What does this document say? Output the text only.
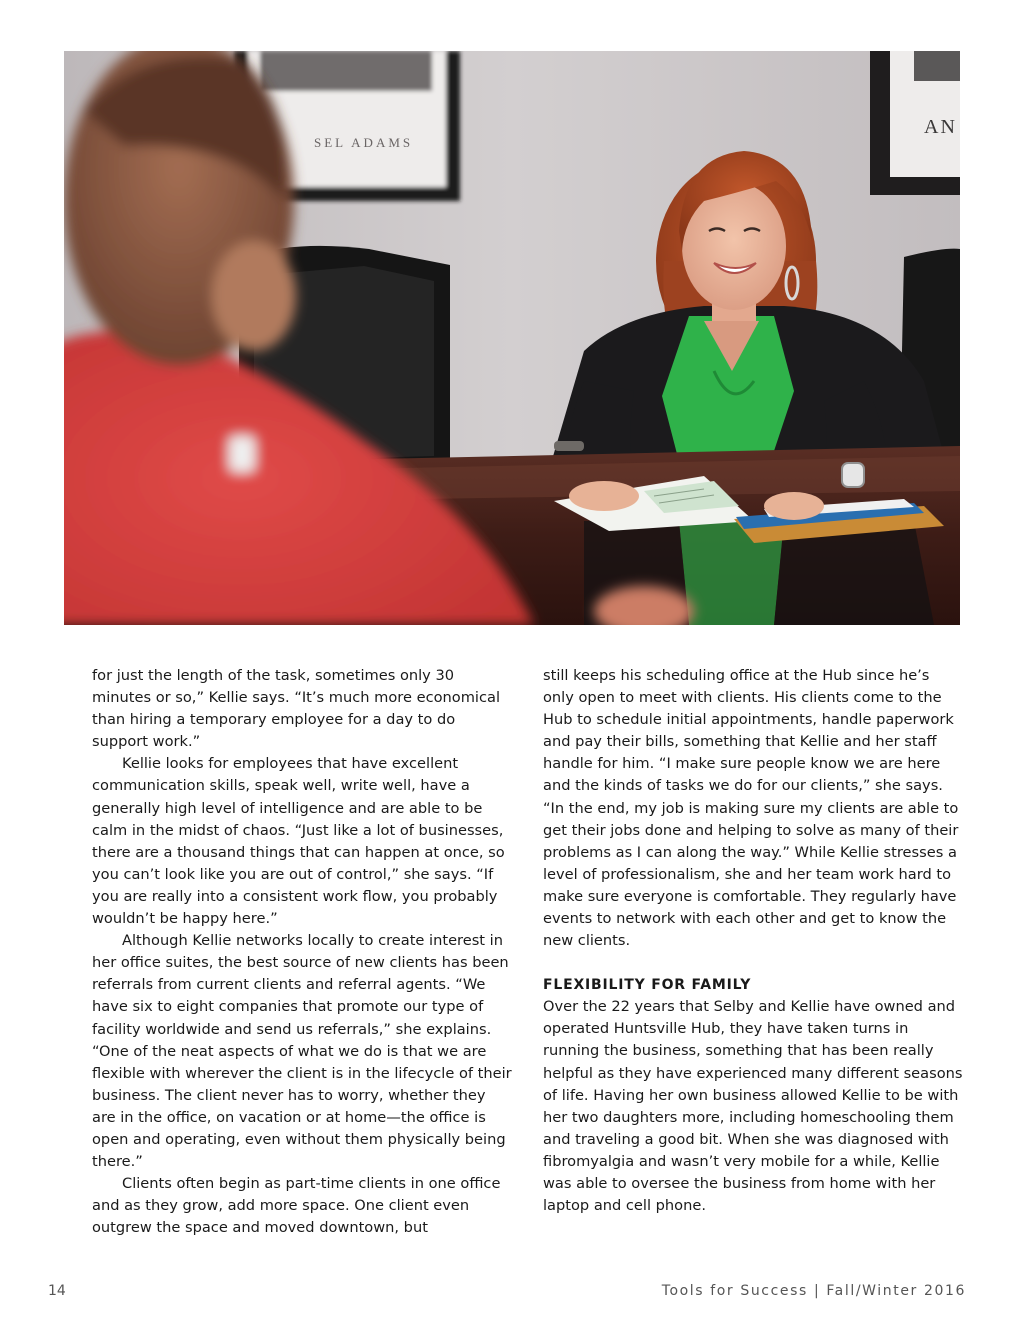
SEL ADAMS
AN

for just the length of the task, sometimes only 30 minutes or so,” Kellie says. “It’s much more economical than hiring a temporary employee for a day to do support work.”

Kellie looks for employees that have excellent communication skills, speak well, write well, have a generally high level of intelligence and are able to be calm in the midst of chaos. “Just like a lot of businesses, there are a thousand things that can happen at once, so you can’t look like you are out of control,” she says. “If you are really into a consistent work flow, you probably wouldn’t be happy here.”

Although Kellie networks locally to create interest in her office suites, the best source of new clients has been referrals from current clients and referral agents. “We have six to eight companies that promote our type of facility worldwide and send us referrals,” she explains. “One of the neat aspects of what we do is that we are flexible with wherever the client is in the lifecycle of their business. The client never has to worry, whether they are in the office, on vacation or at home—the office is open and operating, even without them physically being there.”

Clients often begin as part-time clients in one office and as they grow, add more space. One client even outgrew the space and moved downtown, but

still keeps his scheduling office at the Hub since he’s only open to meet with clients. His clients come to the Hub to schedule initial appointments, handle paperwork and pay their bills, something that Kellie and her staff handle for him. “I make sure people know we are here and the kinds of tasks we do for our clients,” she says. “In the end, my job is making sure my clients are able to get their jobs done and helping to solve as many of their problems as I can along the way.” While Kellie stresses a level of professionalism, she and her team work hard to make sure everyone is comfortable. They regularly have events to network with each other and get to know the new clients.

FLEXIBILITY FOR FAMILY

Over the 22 years that Selby and Kellie have owned and operated Huntsville Hub, they have taken turns in running the business, something that has been really helpful as they have experienced many different seasons of life. Having her own business allowed Kellie to be with her two daughters more, including homeschooling them and traveling a good bit. When she was diagnosed with fibromyalgia and wasn’t very mobile for a while, Kellie was able to oversee the business from home with her laptop and cell phone.

14	Tools for Success | Fall/Winter 2016
